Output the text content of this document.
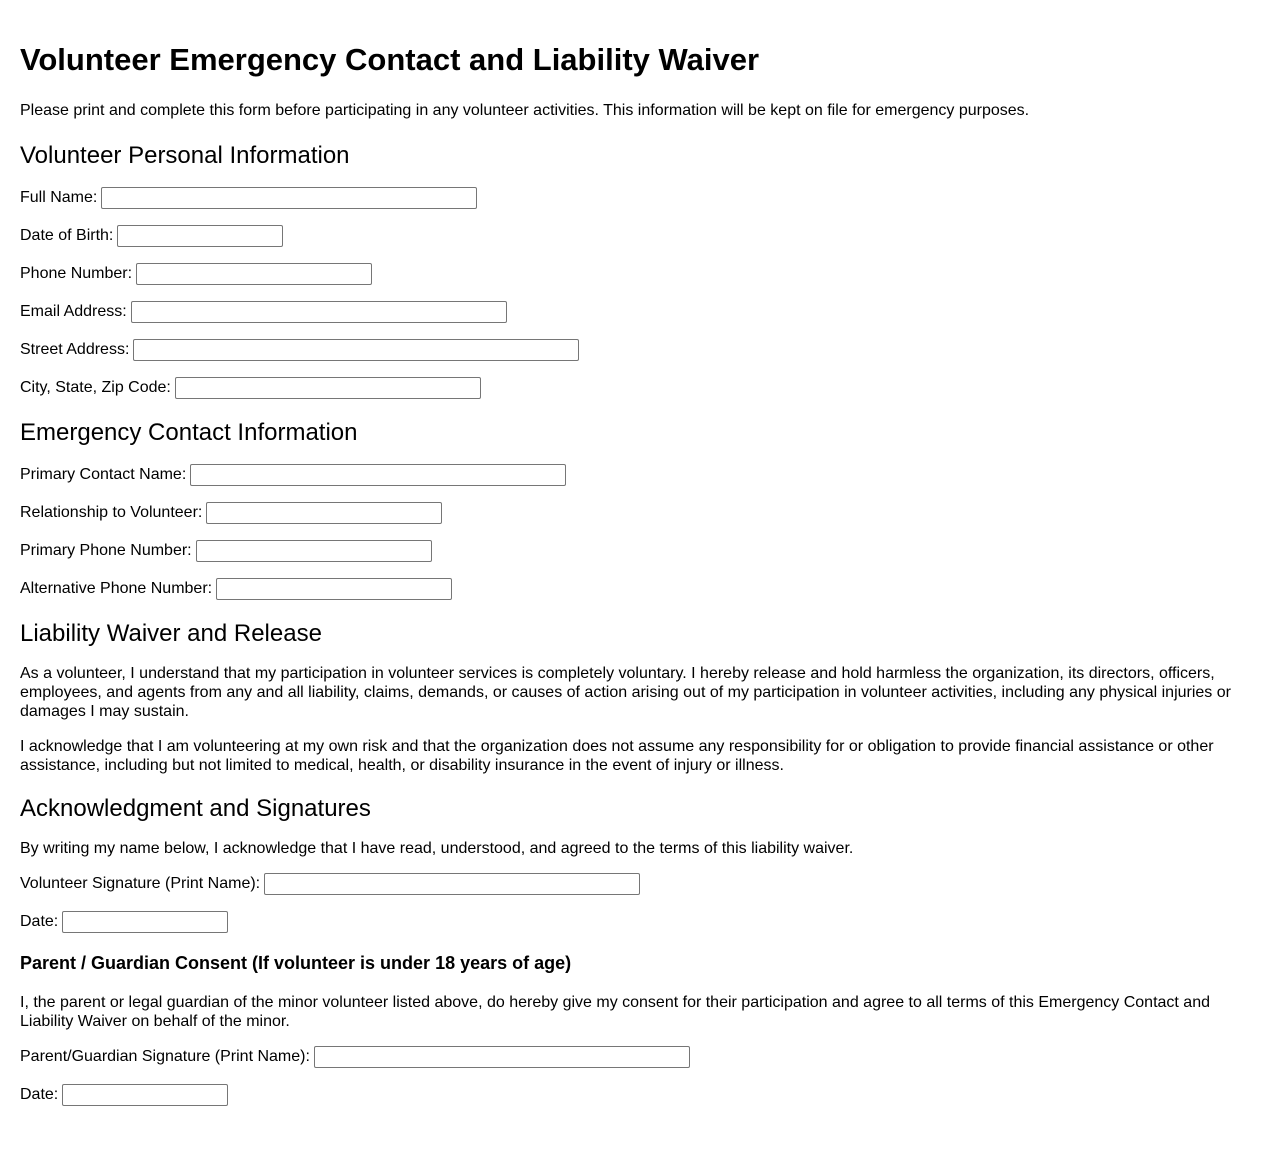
Volunteer Emergency Contact and Liability Waiver

Please print and complete this form before participating in any volunteer activities. This information will be kept on file for emergency purposes.

Volunteer Personal Information
Full Name:
Date of Birth:
Phone Number:
Email Address:
Street Address:
City, State, Zip Code:
Emergency Contact Information
Primary Contact Name:
Relationship to Volunteer:
Primary Phone Number:
Alternative Phone Number:
Liability Waiver and Release

As a volunteer, I understand that my participation in volunteer services is completely voluntary. I hereby release and hold harmless the organization, its directors, officers, employees, and agents from any and all liability, claims, demands, or causes of action arising out of my participation in volunteer activities, including any physical injuries or damages I may sustain.

I acknowledge that I am volunteering at my own risk and that the organization does not assume any responsibility for or obligation to provide financial assistance or other assistance, including but not limited to medical, health, or disability insurance in the event of injury or illness.

Acknowledgment and Signatures

By writing my name below, I acknowledge that I have read, understood, and agreed to the terms of this liability waiver.

Volunteer Signature (Print Name):
Date:
Parent / Guardian Consent (If volunteer is under 18 years of age)

I, the parent or legal guardian of the minor volunteer listed above, do hereby give my consent for their participation and agree to all terms of this Emergency Contact and Liability Waiver on behalf of the minor.

Parent/Guardian Signature (Print Name):
Date:
